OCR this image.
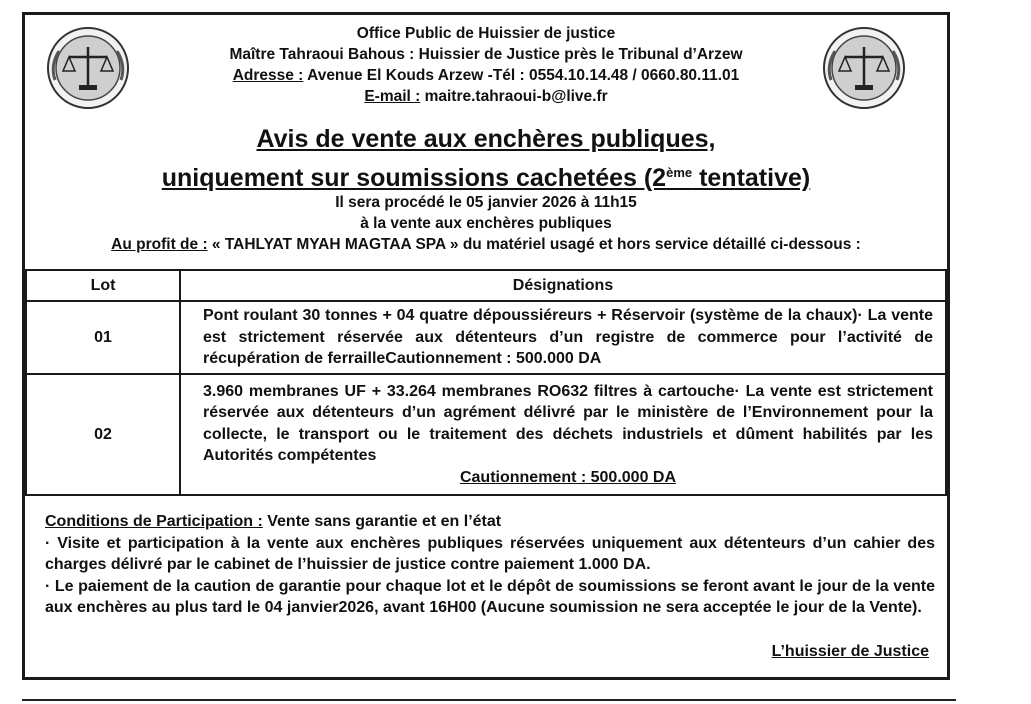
Office Public de Huissier de justice
Maître Tahraoui Bahous : Huissier de Justice près le Tribunal d’Arzew
Adresse : Avenue El Kouds Arzew -Tél : 0554.10.14.48 / 0660.80.11.01
E-mail : maitre.tahraoui-b@live.fr
Avis de vente aux enchères publiques,
uniquement sur soumissions cachetées (2ème tentative)
Il sera procédé le 05 janvier 2026 à 11h15
à la vente aux enchères publiques
Au profit de : « TAHLYAT MYAH MAGTAA SPA » du matériel usagé et hors service détaillé ci-dessous :
Lot	Désignations
01	Pont roulant 30 tonnes + 04 quatre dépoussiéreurs + Réservoir (système de la chaux)· La vente est strictement réservée aux détenteurs d’un registre de commerce pour l’activité de récupération de ferrailleCautionnement : 500.000 DA

02	3.960 membranes UF + 33.264 membranes RO632 filtres à cartouche· La vente est strictement réservée aux détenteurs d’un agrément délivré par le ministère de l’Environnement pour la collecte, le transport ou le traitement des déchets industriels et dûment habilités par les Autorités compétentes
Cautionnement : 500.000 DA
Conditions de Participation : Vente sans garantie et en l’état
· Visite et participation à la vente aux enchères publiques réservées uniquement aux détenteurs d’un cahier des charges délivré par le cabinet de l’huissier de justice contre paiement 1.000 DA.
· Le paiement de la caution de garantie pour chaque lot et le dépôt de soumissions se feront avant le jour de la vente aux enchères au plus tard le 04 janvier2026, avant 16H00 (Aucune soumission ne sera acceptée le jour de la Vente).
L’huissier de Justice
